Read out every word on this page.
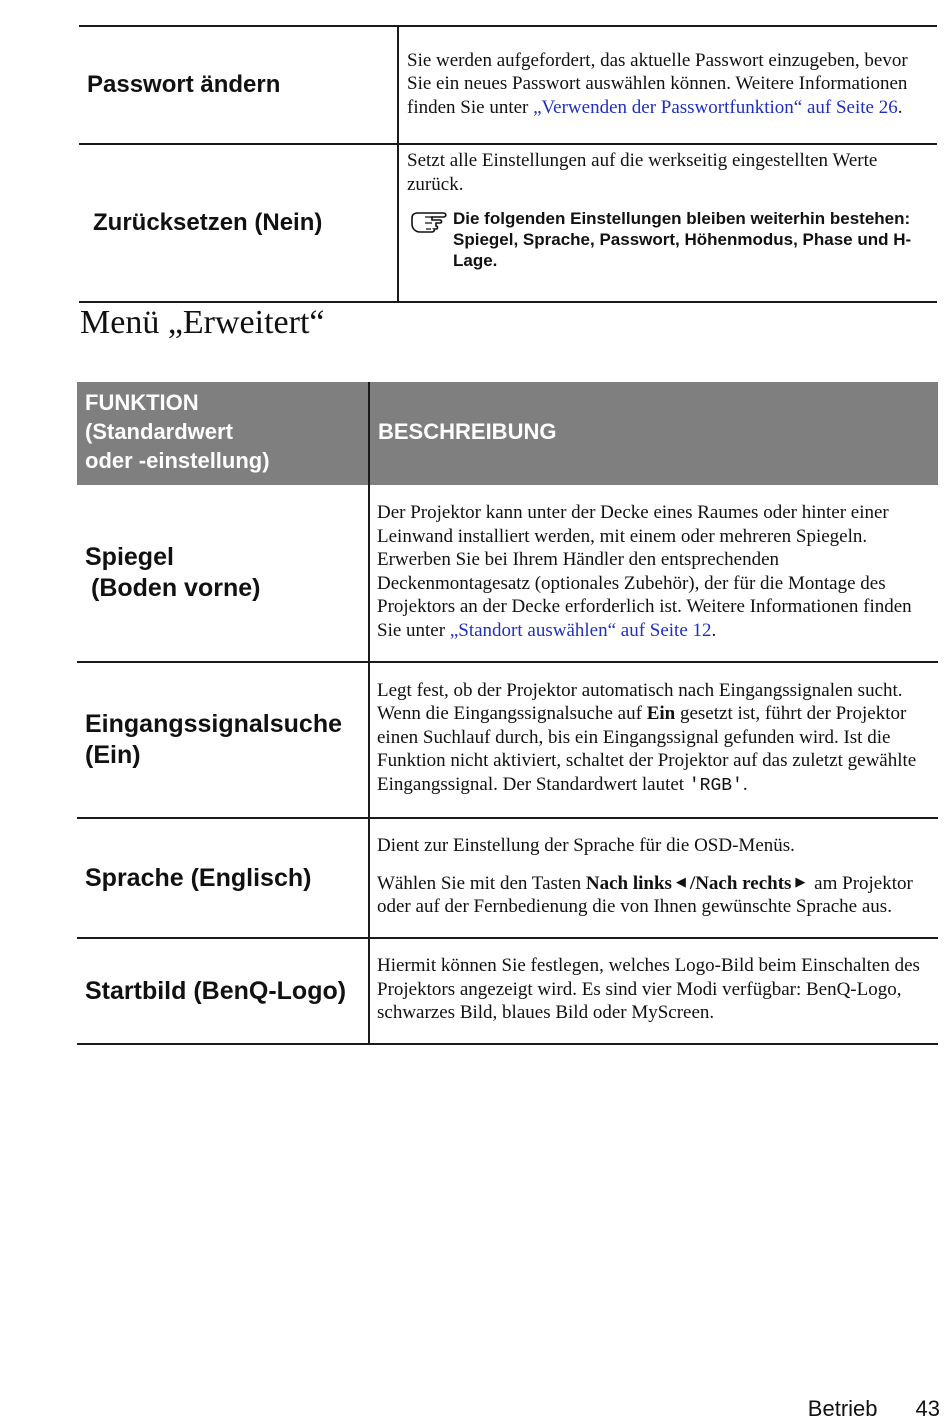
Passwort ändern	Sie werden aufgefordert, das aktuelle Passwort einzugeben, bevor Sie ein neues Passwort auswählen können. Weitere Informationen finden Sie unter „Verwenden der Passwortfunktion“ auf Seite 26.
Zurücksetzen (Nein)	Setzt alle Einstellungen auf die werkseitig eingestellten Werte zurück.
Die folgenden Einstellungen bleiben weiterhin bestehen: Spiegel, Sprache, Passwort, Höhenmodus, Phase und H-Lage.
Menü „Erweitert“
FUNKTION
(Standardwert
oder -einstellung)	BESCHREIBUNG

Spiegel
(Boden vorne)	Der Projektor kann unter der Decke eines Raumes oder hinter einer Leinwand installiert werden, mit einem oder mehreren Spiegeln. Erwerben Sie bei Ihrem Händler den entsprechenden Deckenmontagesatz (optionales Zubehör), der für die Montage des Projektors an der Decke erforderlich ist. Weitere Informationen finden Sie unter „Standort auswählen“ auf Seite 12.

Eingangssignalsuche
(Ein)	Legt fest, ob der Projektor automatisch nach Eingangssignalen sucht. Wenn die Eingangssignalsuche auf Ein gesetzt ist, führt der Projektor einen Suchlauf durch, bis ein Eingangssignal gefunden wird. Ist die Funktion nicht aktiviert, schaltet der Projektor auf das zuletzt gewählte Eingangssignal. Der Standardwert lautet 'RGB'.
Sprache (Englisch)	Dient zur Einstellung der Sprache für die OSD-Menüs.
Wählen Sie mit den Tasten Nach links ◀ /Nach rechts ▶ am Projektor oder auf der Fernbedienung die von Ihnen gewünschte Sprache aus.

Startbild (BenQ-Logo)	Hiermit können Sie festlegen, welches Logo-Bild beim Einschalten des Projektors angezeigt wird. Es sind vier Modi verfügbar: BenQ-Logo, schwarzes Bild, blaues Bild oder MyScreen.
Betrieb 43
